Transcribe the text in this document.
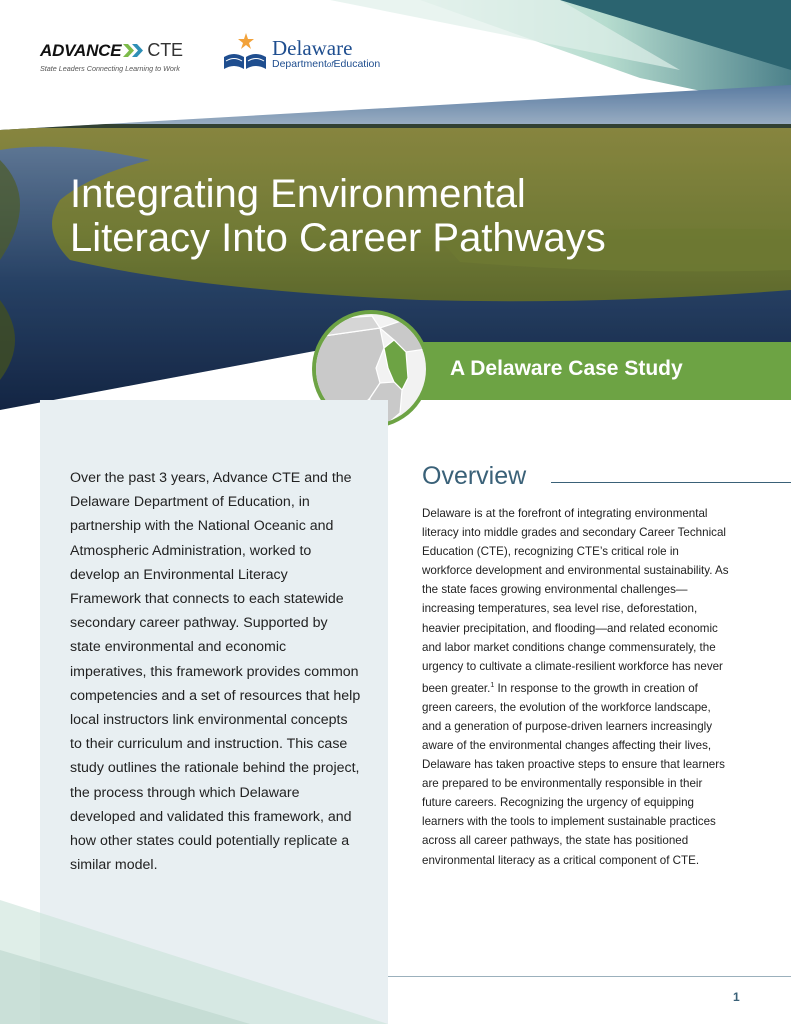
ADVANCE CTE
State Leaders Connecting Learning to Work
Delaware
DepartmentofEducation
Integrating Environmental Literacy Into Career Pathways
A Delaware Case Study
Over the past 3 years, Advance CTE and the Delaware Department of Education, in partnership with the National Oceanic and Atmospheric Administration, worked to develop an Environmental Literacy Framework that connects to each statewide secondary career pathway. Supported by state environmental and economic imperatives, this framework provides common competencies and a set of resources that help local instructors link environmental concepts to their curriculum and instruction. This case study outlines the rationale behind the project, the process through which Delaware developed and validated this framework, and how other states could potentially replicate a similar model.
Overview
Delaware is at the forefront of integrating environmental literacy into middle grades and secondary Career Technical Education (CTE), recognizing CTE’s critical role in workforce development and environmental sustainability. As the state faces growing environmental challenges—increasing temperatures, sea level rise, deforestation, heavier precipitation, and flooding—and related economic and labor market conditions change commensurately, the urgency to cultivate a climate-resilient workforce has never been greater.$^1$ In response to the growth in creation of green careers, the evolution of the workforce landscape, and a generation of purpose-driven learners increasingly aware of the environmental changes affecting their lives, Delaware has taken proactive steps to ensure that learners are prepared to be environmentally responsible in their future careers. Recognizing the urgency of equipping learners with the tools to implement sustainable practices across all career pathways, the state has positioned environmental literacy as a critical component of CTE.
1
